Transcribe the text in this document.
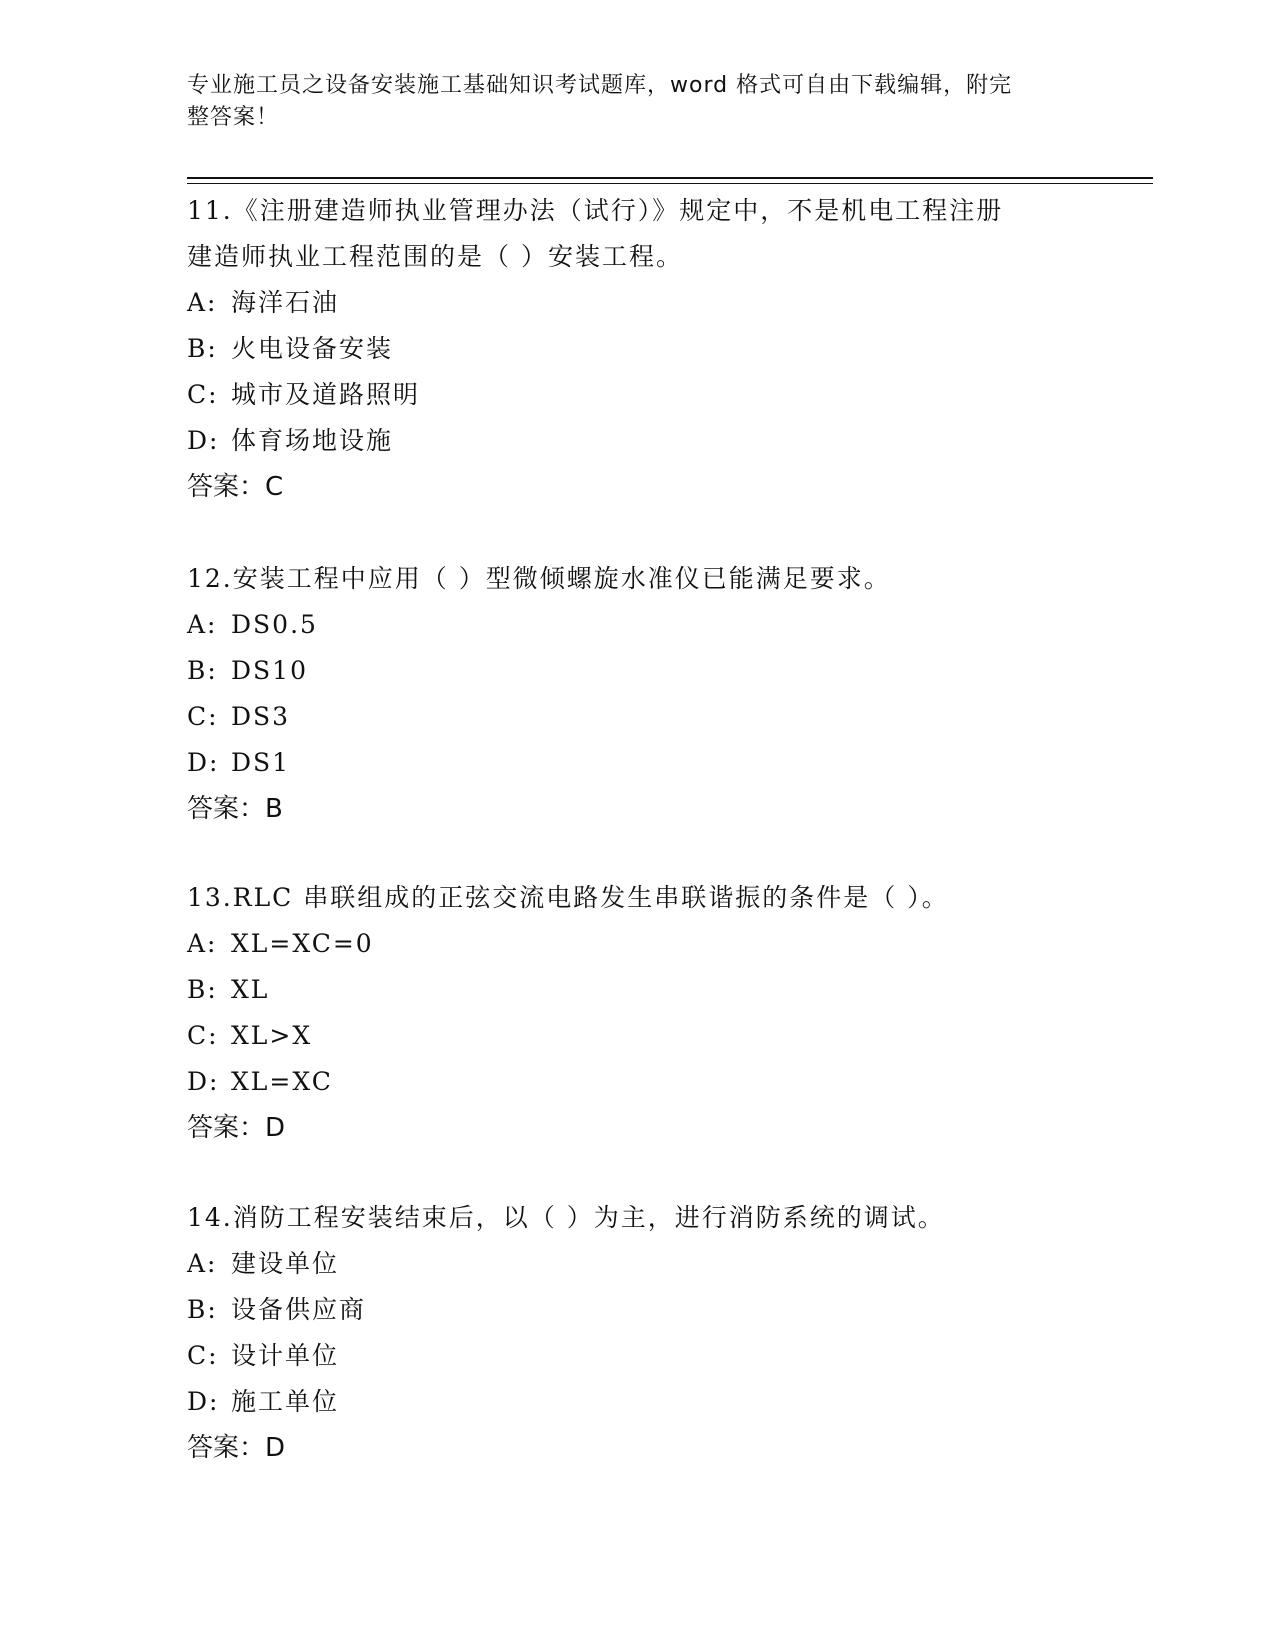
专业施工员之设备安装施工基础知识考试题库，word 格式可自由下载编辑，附完
整答案！

11.《注册建造师执业管理办法（试行）》规定中，不是机电工程注册

建造师执业工程范围的是（ ）安装工程。

A: 海洋石油

B: 火电设备安装

C: 城市及道路照明

D: 体育场地设施

答案：C

12.安装工程中应用（ ）型微倾螺旋水准仪已能满足要求。

A: DS0.5

B: DS10

C: DS3

D: DS1

答案：B

13.RLC 串联组成的正弦交流电路发生串联谐振的条件是（ ）。

A: XL=XC=0

B: XL

C: XL>X

D: XL=XC

答案：D

14.消防工程安装结束后，以（ ）为主，进行消防系统的调试。

A: 建设单位

B: 设备供应商

C: 设计单位

D: 施工单位

答案：D
